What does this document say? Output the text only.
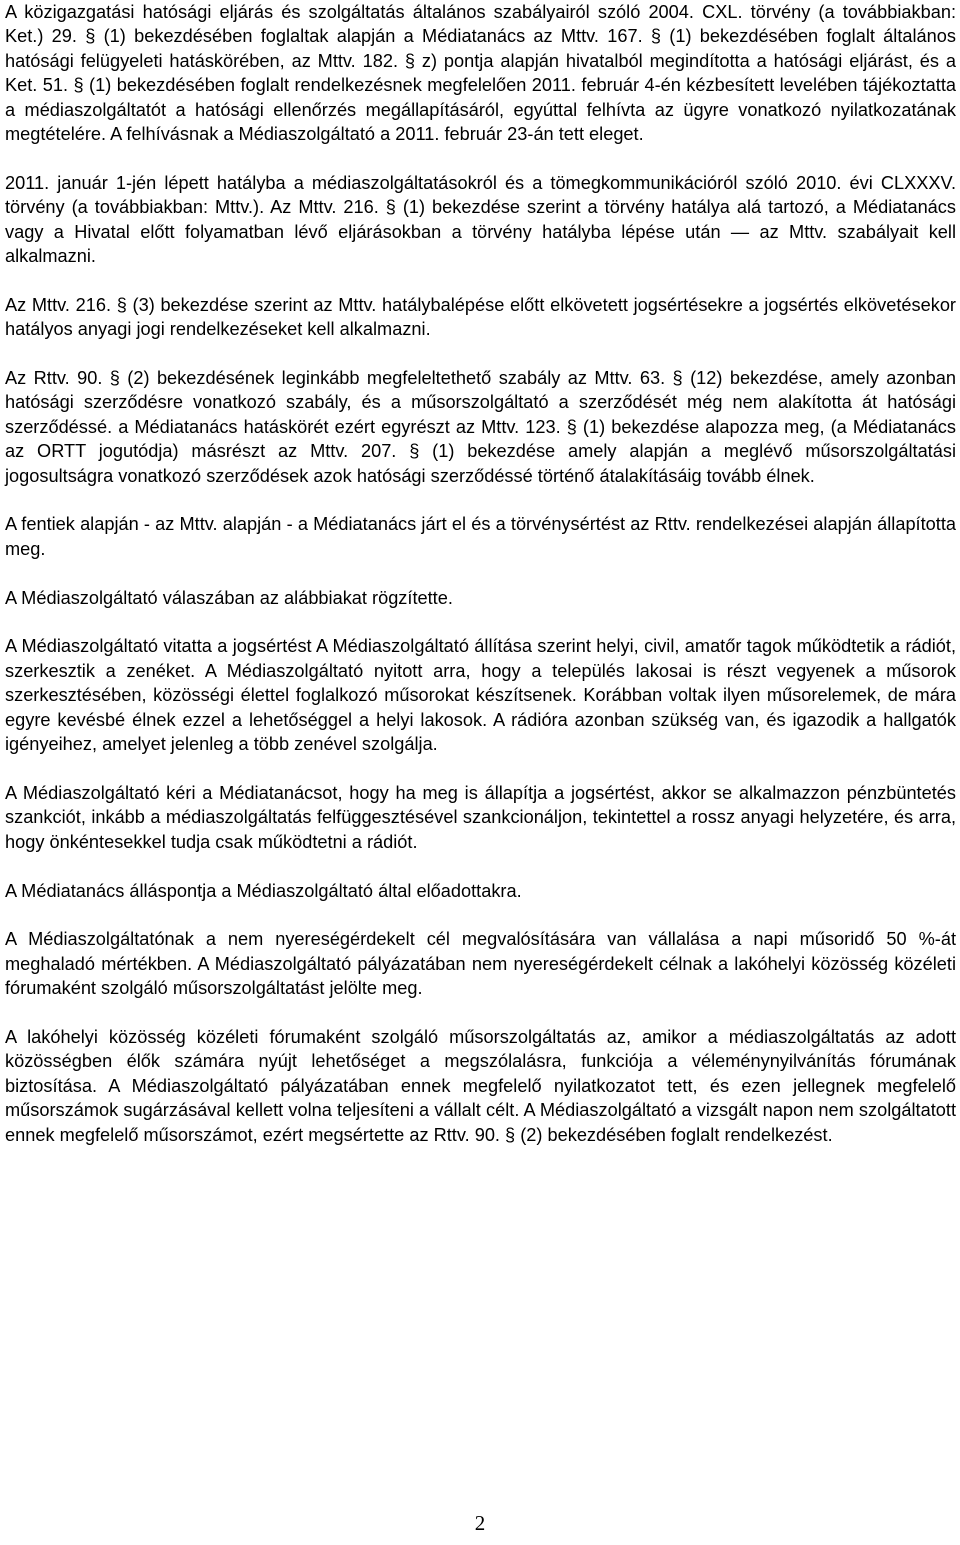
A közigazgatási hatósági eljárás és szolgáltatás általános szabályairól szóló 2004. CXL. törvény (a továbbiakban: Ket.) 29. § (1) bekezdésében foglaltak alapján a Médiatanács az Mttv. 167. § (1) bekezdésében foglalt általános hatósági felügyeleti hatáskörében, az Mttv. 182. § z) pontja alapján hivatalból megindította a hatósági eljárást, és a Ket. 51. § (1) bekezdésében foglalt rendelkezésnek megfelelően 2011. február 4-én kézbesített levelében tájékoztatta a médiaszolgáltatót a hatósági ellenőrzés megállapításáról, egyúttal felhívta az ügyre vonatkozó nyilatkozatának megtételére. A felhívásnak a Médiaszolgáltató a 2011. február 23-án tett eleget.

2011. január 1-jén lépett hatályba a médiaszolgáltatásokról és a tömegkommunikációról szóló 2010. évi CLXXXV. törvény (a továbbiakban: Mttv.). Az Mttv. 216. § (1) bekezdése szerint a törvény hatálya alá tartozó, a Médiatanács vagy a Hivatal előtt folyamatban lévő eljárásokban a törvény hatályba lépése után — az Mttv. szabályait kell alkalmazni.

Az Mttv. 216. § (3) bekezdése szerint az Mttv. hatálybalépése előtt elkövetett jogsértésekre a jogsértés elkövetésekor hatályos anyagi jogi rendelkezéseket kell alkalmazni.

Az Rttv. 90. § (2) bekezdésének leginkább megfeleltethető szabály az Mttv. 63. § (12) bekezdése, amely azonban hatósági szerződésre vonatkozó szabály, és a műsorszolgáltató a szerződését még nem alakította át hatósági szerződéssé. a Médiatanács hatáskörét ezért egyrészt az Mttv. 123. § (1) bekezdése alapozza meg, (a Médiatanács az ORTT jogutódja) másrészt az Mttv. 207. § (1) bekezdése amely alapján a meglévő műsorszolgáltatási jogosultságra vonatkozó szerződések azok hatósági szerződéssé történő átalakításáig tovább élnek.

A fentiek alapján - az Mttv. alapján - a Médiatanács járt el és a törvénysértést az Rttv. rendelkezései alapján állapította meg.

A Médiaszolgáltató válaszában az alábbiakat rögzítette.

A Médiaszolgáltató vitatta a jogsértést A Médiaszolgáltató állítása szerint helyi, civil, amatőr tagok működtetik a rádiót, szerkesztik a zenéket. A Médiaszolgáltató nyitott arra, hogy a település lakosai is részt vegyenek a műsorok szerkesztésében, közösségi élettel foglalkozó műsorokat készítsenek. Korábban voltak ilyen műsorelemek, de mára egyre kevésbé élnek ezzel a lehetőséggel a helyi lakosok. A rádióra azonban szükség van, és igazodik a hallgatók igényeihez, amelyet jelenleg a több zenével szolgálja.

A Médiaszolgáltató kéri a Médiatanácsot, hogy ha meg is állapítja a jogsértést, akkor se alkalmazzon pénzbüntetés szankciót, inkább a médiaszolgáltatás felfüggesztésével szankcionáljon, tekintettel a rossz anyagi helyzetére, és arra, hogy önkéntesekkel tudja csak működtetni a rádiót.

A Médiatanács álláspontja a Médiaszolgáltató által előadottakra.

A Médiaszolgáltatónak a nem nyereségérdekelt cél megvalósítására van vállalása a napi műsoridő 50 %-át meghaladó mértékben. A Médiaszolgáltató pályázatában nem nyereségérdekelt célnak a lakóhelyi közösség közéleti fórumaként szolgáló műsorszolgáltatást jelölte meg.

A lakóhelyi közösség közéleti fórumaként szolgáló műsorszolgáltatás az, amikor a médiaszolgáltatás az adott közösségben élők számára nyújt lehetőséget a megszólalásra, funkciója a véleménynyilvánítás fórumának biztosítása. A Médiaszolgáltató pályázatában ennek megfelelő nyilatkozatot tett, és ezen jellegnek megfelelő műsorszámok sugárzásával kellett volna teljesíteni a vállalt célt. A Médiaszolgáltató a vizsgált napon nem szolgáltatott ennek megfelelő műsorszámot, ezért megsértette az Rttv. 90. § (2) bekezdésében foglalt rendelkezést.

2
